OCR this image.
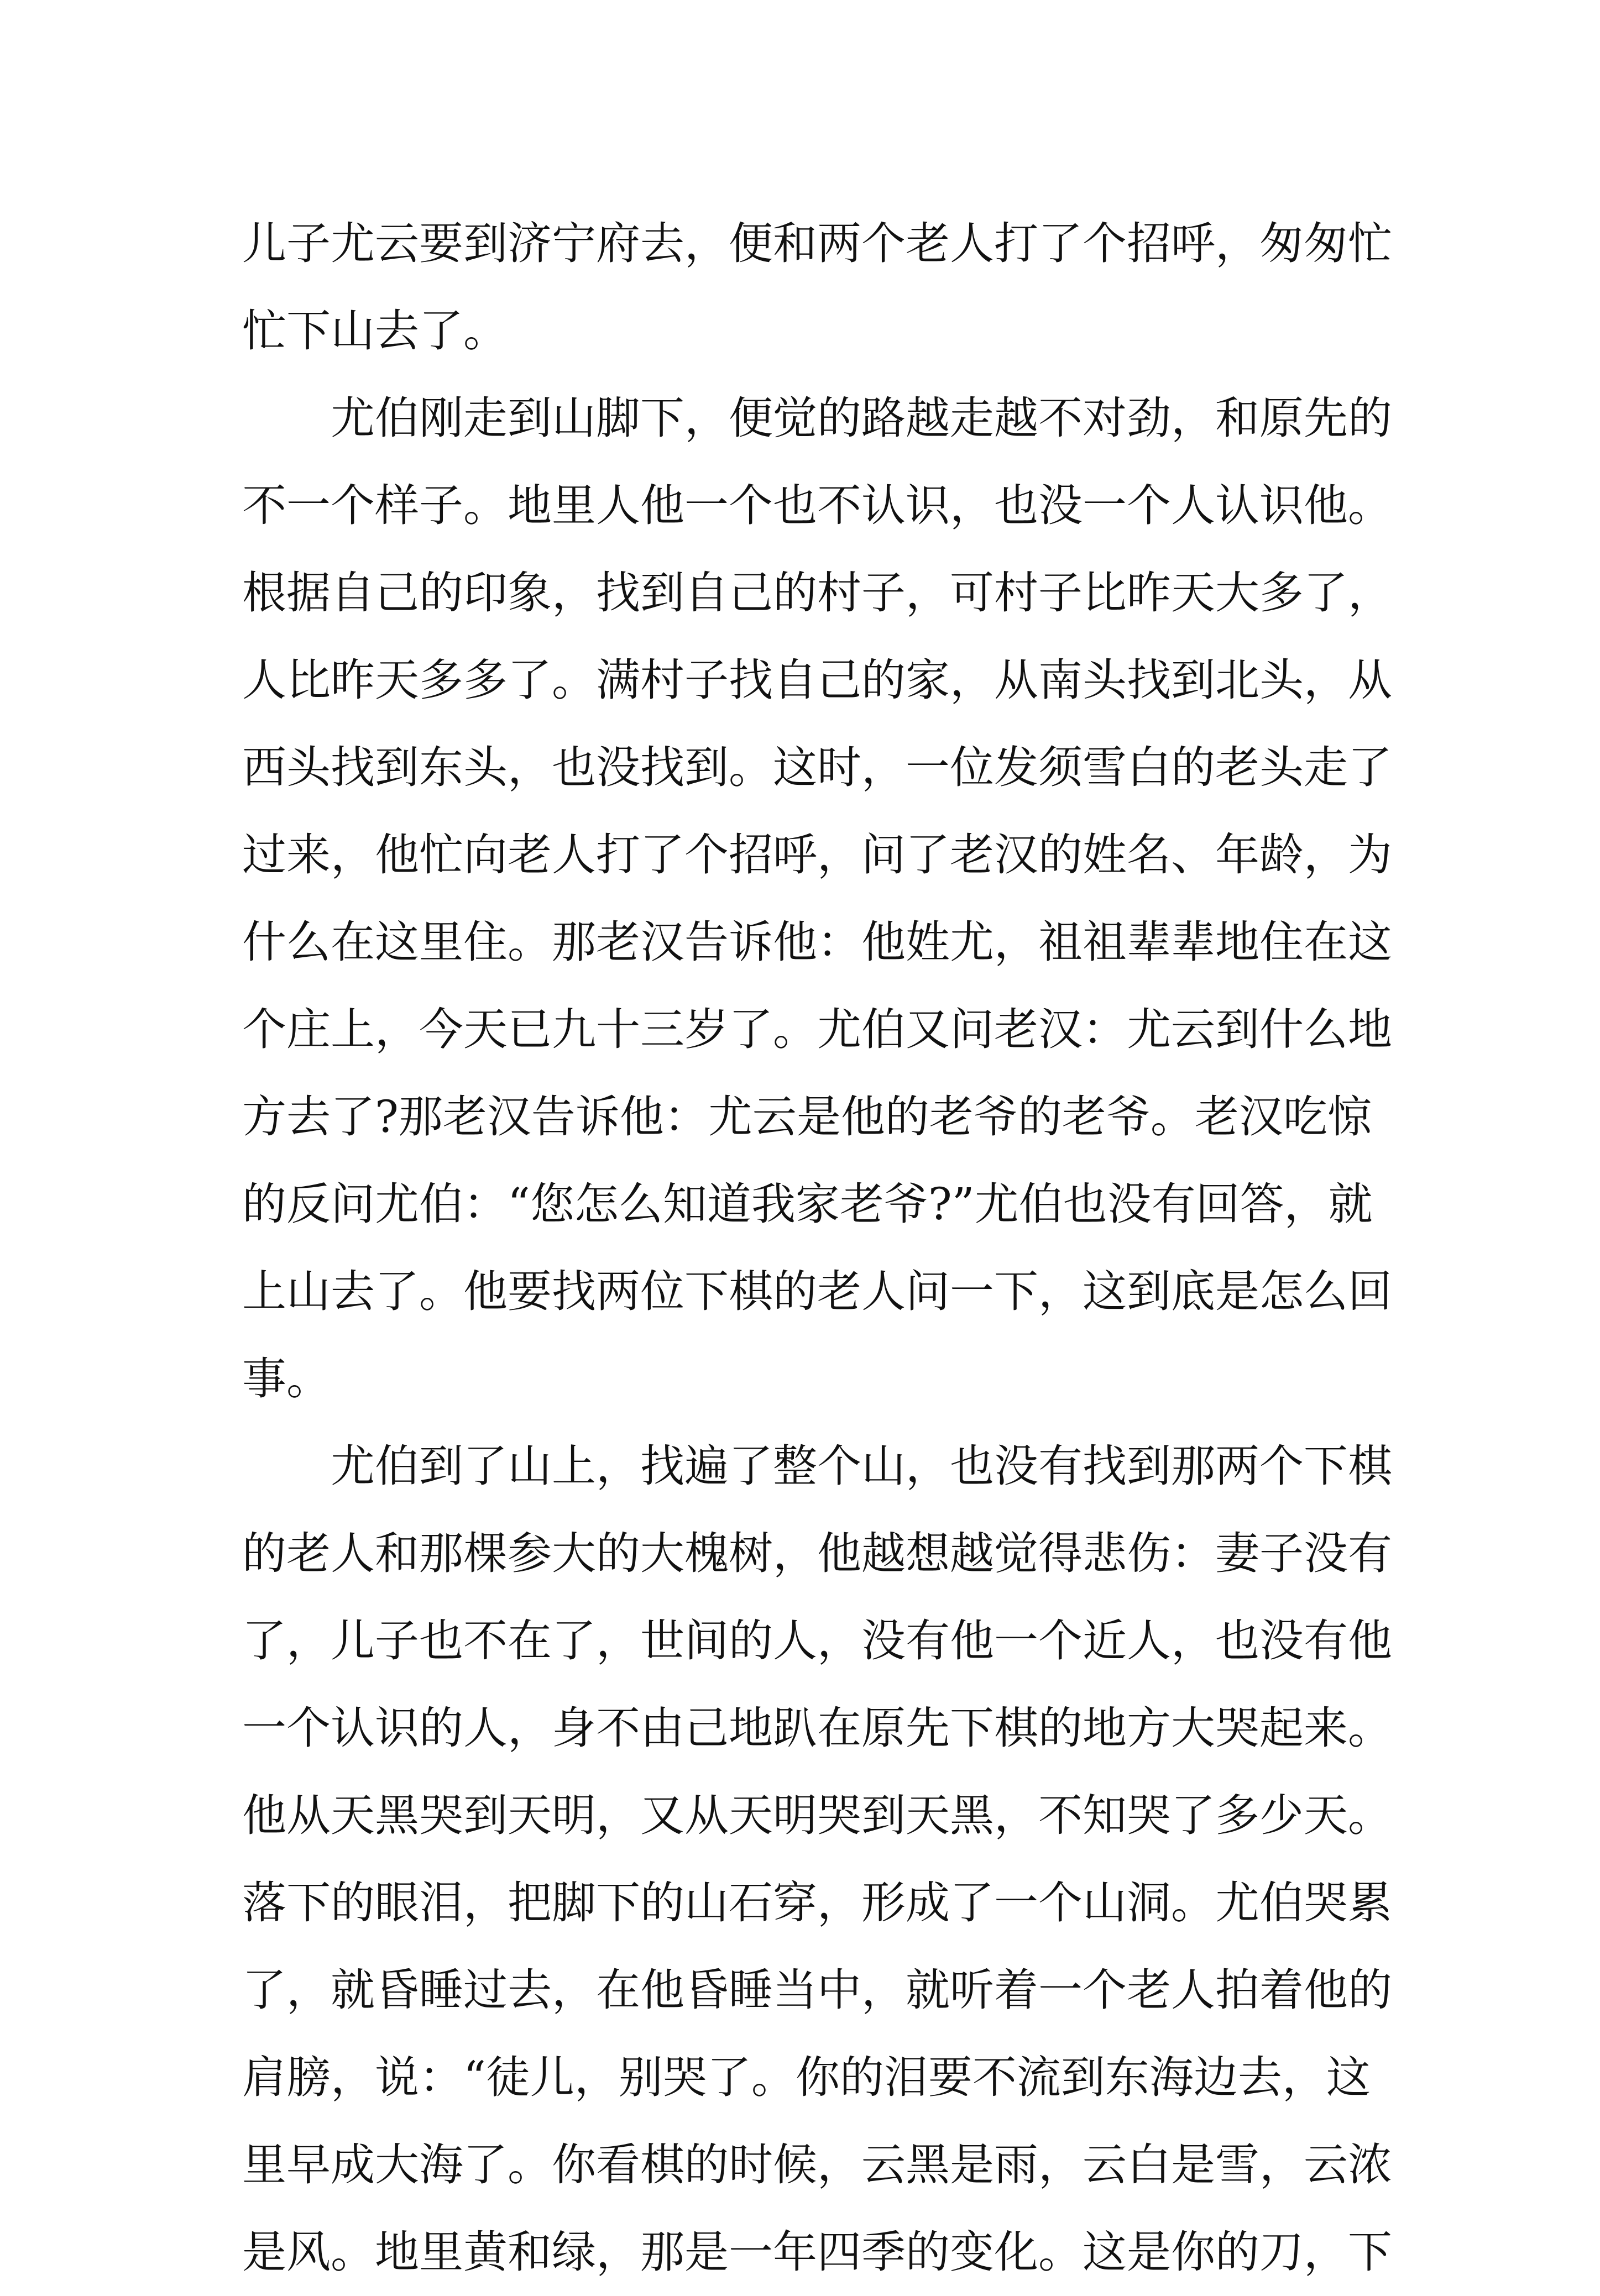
儿子尤云要到济宁府去，便和两个老人打了个招呼，匆匆忙
忙下山去了。
　　尤伯刚走到山脚下，便觉的路越走越不对劲，和原先的
不一个样子。地里人他一个也不认识，也没一个人认识他。
根据自己的印象，找到自己的村子，可村子比昨天大多了，
人比昨天多多了。满村子找自己的家，从南头找到北头，从
西头找到东头，也没找到。这时，一位发须雪白的老头走了
过来，他忙向老人打了个招呼，问了老汉的姓名、年龄，为
什么在这里住。那老汉告诉他：他姓尤，祖祖辈辈地住在这
个庄上，今天已九十三岁了。尤伯又问老汉：尤云到什么地
方去了?那老汉告诉他：尤云是他的老爷的老爷。老汉吃惊
的反问尤伯：“您怎么知道我家老爷?”尤伯也没有回答，就
上山去了。他要找两位下棋的老人问一下，这到底是怎么回
事。
　　尤伯到了山上，找遍了整个山，也没有找到那两个下棋
的老人和那棵参大的大槐树，他越想越觉得悲伤：妻子没有
了，儿子也不在了，世间的人，没有他一个近人，也没有他
一个认识的人，身不由己地趴在原先下棋的地方大哭起来。
他从天黑哭到天明，又从天明哭到天黑，不知哭了多少天。
落下的眼泪，把脚下的山石穿，形成了一个山洞。尤伯哭累
了，就昏睡过去，在他昏睡当中，就听着一个老人拍着他的
肩膀，说：“徒儿，别哭了。你的泪要不流到东海边去，这
里早成大海了。你看棋的时候，云黑是雨，云白是雪，云浓
是风。地里黄和绿，那是一年四季的变化。这是你的刀，下
